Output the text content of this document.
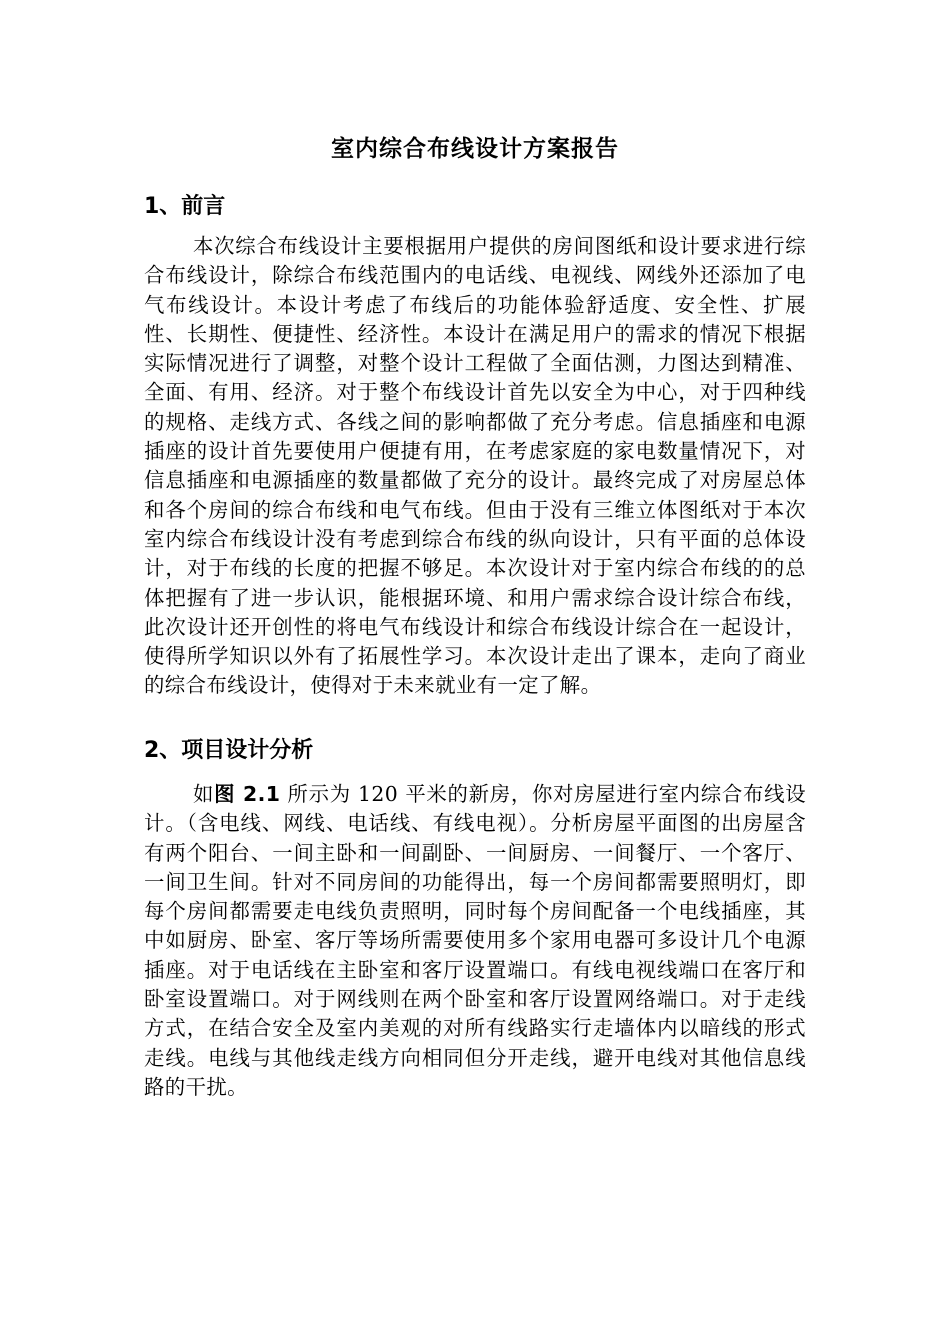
室内综合布线设计方案报告
1、前言

本次综合布线设计主要根据用户提供的房间图纸和设计要求进行综合布线设计，除综合布线范围内的电话线、电视线、网线外还添加了电气布线设计。本设计考虑了布线后的功能体验舒适度、安全性、扩展性、长期性、便捷性、经济性。本设计在满足用户的需求的情况下根据实际情况进行了调整，对整个设计工程做了全面估测，力图达到精准、全面、有用、经济。对于整个布线设计首先以安全为中心，对于四种线的规格、走线方式、各线之间的影响都做了充分考虑。信息插座和电源插座的设计首先要使用户便捷有用，在考虑家庭的家电数量情况下，对信息插座和电源插座的数量都做了充分的设计。最终完成了对房屋总体和各个房间的综合布线和电气布线。但由于没有三维立体图纸对于本次室内综合布线设计没有考虑到综合布线的纵向设计，只有平面的总体设计，对于布线的长度的把握不够足。本次设计对于室内综合布线的的总体把握有了进一步认识，能根据环境、和用户需求综合设计综合布线，此次设计还开创性的将电气布线设计和综合布线设计综合在一起设计，使得所学知识以外有了拓展性学习。本次设计走出了课本，走向了商业的综合布线设计，使得对于未来就业有一定了解。

2、项目设计分析

如图 2.1 所示为 120 平米的新房，你对房屋进行室内综合布线设计。（含电线、网线、电话线、有线电视）。分析房屋平面图的出房屋含有两个阳台、一间主卧和一间副卧、一间厨房、一间餐厅、一个客厅、一间卫生间。针对不同房间的功能得出，每一个房间都需要照明灯，即每个房间都需要走电线负责照明，同时每个房间配备一个电线插座，其中如厨房、卧室、客厅等场所需要使用多个家用电器可多设计几个电源插座。对于电话线在主卧室和客厅设置端口。有线电视线端口在客厅和卧室设置端口。对于网线则在两个卧室和客厅设置网络端口。对于走线方式，在结合安全及室内美观的对所有线路实行走墙体内以暗线的形式走线。电线与其他线走线方向相同但分开走线，避开电线对其他信息线路的干扰。
